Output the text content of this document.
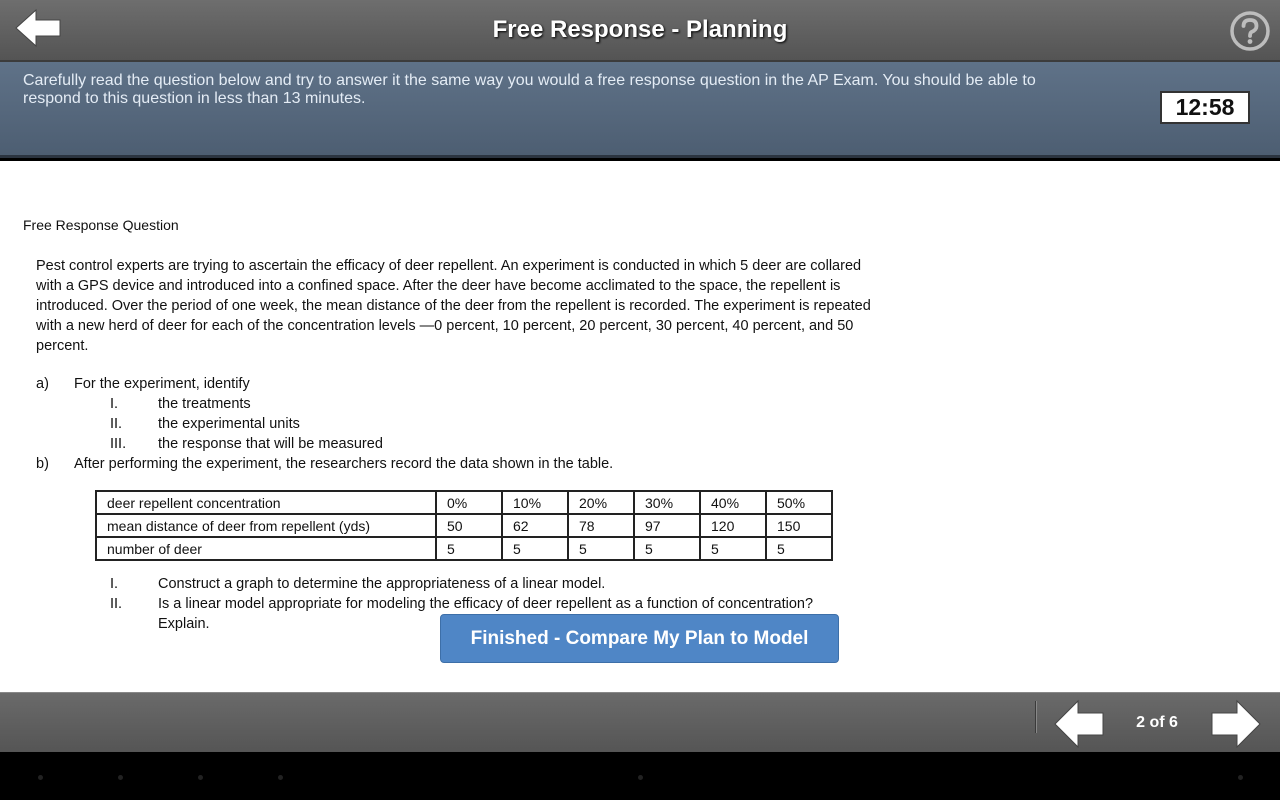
Free Response - Planning
Carefully read the question below and try to answer it the same way you would a free response question in the AP Exam. You should be able to respond to this question in less than 13 minutes.	12:58
Free Response Question
Pest control experts are trying to ascertain the efficacy of deer repellent. An experiment is conducted in which 5 deer are collared with a GPS device and introduced into a confined space. After the deer have become acclimated to the space, the repellent is introduced. Over the period of one week, the mean distance of the deer from the repellent is recorded. The experiment is repeated with a new herd of deer for each of the concentration levels —0 percent, 10 percent, 20 percent, 30 percent, 40 percent, and 50 percent.
a) For the experiment, identify
I.	the treatments
II. the experimental units
III. the response that will be measured
b) After performing the experiment, the researchers record the data shown in the table.
deer repellent concentration	0%	10%	20%	30%	40%	50%
mean distance of deer from repellent (yds)	50	62	78	97	120	150
number of deer	5	5	5	5	5	5
I.	Construct a graph to determine the appropriateness of a linear model.
II. Is a linear model appropriate for modeling the efficacy of deer repellent as a function of concentration?
Explain.
Finished - Compare My Plan to Model
2 of 6
